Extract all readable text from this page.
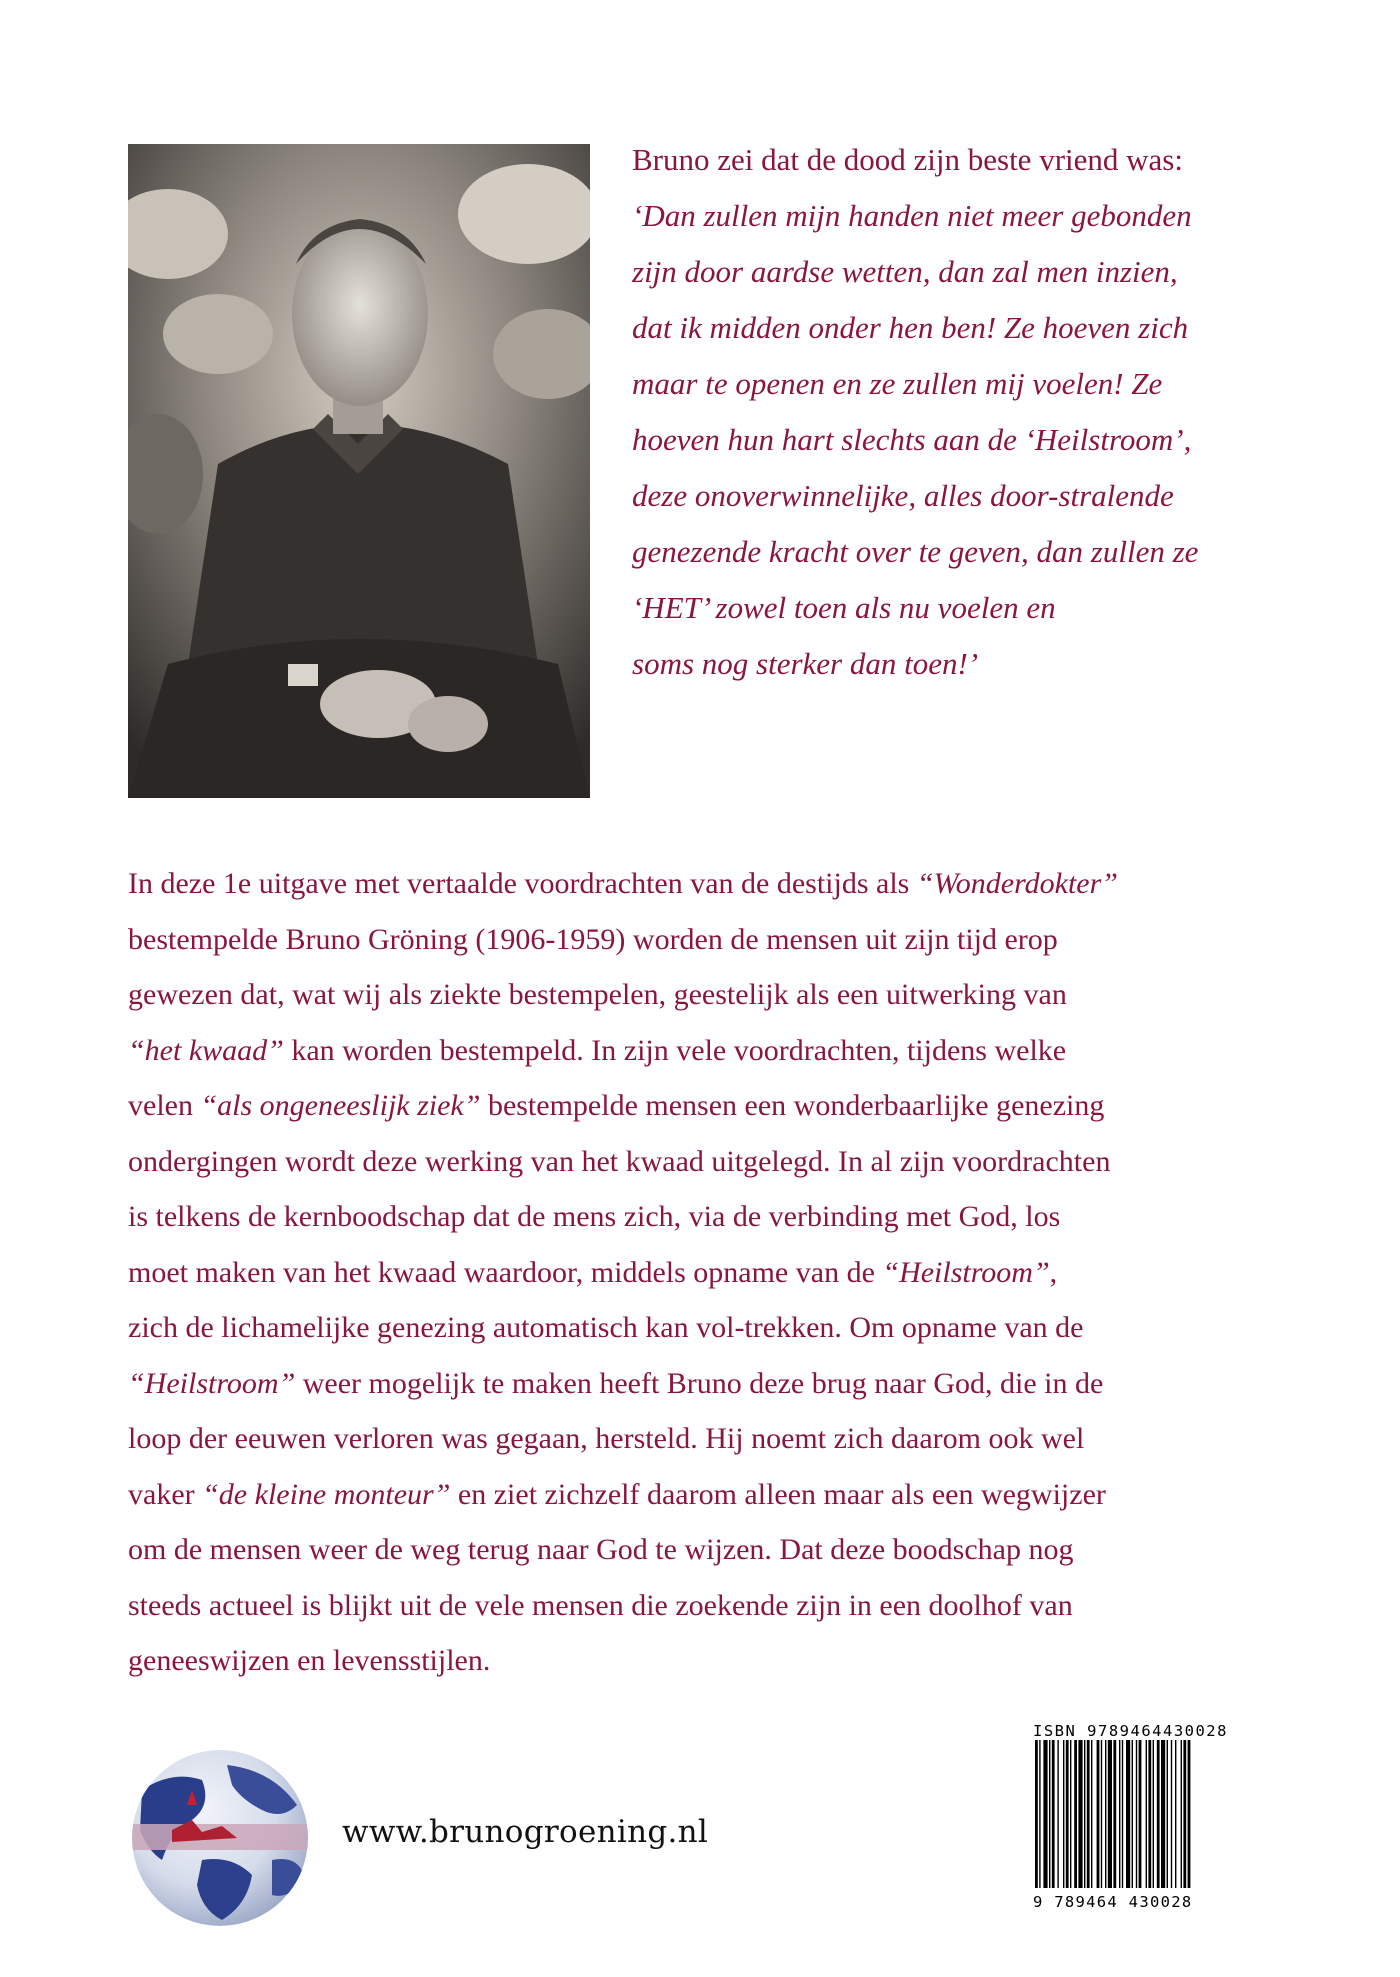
Bruno zei dat de dood zijn beste vriend was:
‘Dan zullen mijn handen niet meer gebonden
zijn door aardse wetten, dan zal men inzien,
dat ik midden onder hen ben! Ze hoeven zich
maar te openen en ze zullen mij voelen! Ze
hoeven hun hart slechts aan de ‘Heilstroom’,
deze onoverwinnelijke, alles door-stralende
genezende kracht over te geven, dan zullen ze
‘HET’ zowel toen als nu voelen en
soms nog sterker dan toen!’
In deze 1e uitgave met vertaalde voordrachten van de destijds als “Wonderdokter”
bestempelde Bruno Gröning (1906-1959) worden de mensen uit zijn tijd erop
gewezen dat, wat wij als ziekte bestempelen, geestelijk als een uitwerking van
“het kwaad” kan worden bestempeld. In zijn vele voordrachten, tijdens welke
velen “als ongeneeslijk ziek” bestempelde mensen een wonderbaarlijke genezing
ondergingen wordt deze werking van het kwaad uitgelegd. In al zijn voordrachten
is telkens de kernboodschap dat de mens zich, via de verbinding met God, los
moet maken van het kwaad waardoor, middels opname van de “Heilstroom”,
zich de lichamelijke genezing automatisch kan vol-trekken. Om opname van de
“Heilstroom” weer mogelijk te maken heeft Bruno deze brug naar God, die in de
loop der eeuwen verloren was gegaan, hersteld. Hij noemt zich daarom ook wel
vaker “de kleine monteur” en ziet zichzelf daarom alleen maar als een wegwijzer
om de mensen weer de weg terug naar God te wijzen. Dat deze boodschap nog
steeds actueel is blijkt uit de vele mensen die zoekende zijn in een doolhof van
geneeswijzen en levensstijlen.
www.brunogroening.nl
ISBN 9789464430028
9 789464 430028
